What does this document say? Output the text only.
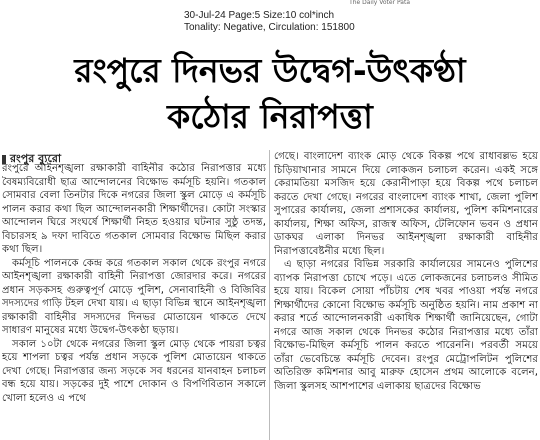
The Daily Voter Pata
30-Jul-24 Page:5 Size:10 col*inch
Tonality: Negative, Circulation: 151800
রংপুরে দিনভর উদ্বেগ-উৎকণ্ঠা
কঠোর নিরাপত্তা
রংপুর ব্যুরো

রংপুরে আইনশৃঙ্খলা রক্ষাকারী বাহিনীর কঠোর নিরাপত্তার মধ্যে বৈষম্যবিরোধী ছাত্র আন্দোলনের বিক্ষোভ কর্মসূচি হয়নি। গতকাল সোমবার বেলা তিনটার দিকে নগরের জিলা স্কুল মোড়ে এ কর্মসূচি পালন করার কথা ছিল আন্দোলনকারী শিক্ষার্থীদের। কোটা সংস্কার আন্দোলন ঘিরে সংঘর্ষে শিক্ষার্থী নিহত হওয়ার ঘটনার সুষ্ঠু তদন্ত, বিচারসহ ৯ দফা দাবিতে গতকাল সোমবার বিক্ষোভ মিছিল করার কথা ছিল।

কর্মসূচি পালনকে কেন্দ্র করে গতকাল সকাল থেকে রংপুর নগরে আইনশৃঙ্খলা রক্ষাকারী বাহিনী নিরাপত্তা জোরদার করে। নগরের প্রধান সড়কসহ গুরুত্বপূর্ণ মোড়ে পুলিশ, সেনাবাহিনী ও বিজিবির সদস্যদের গাড়ি টহল দেখা যায়। এ ছাড়া বিভিন্ন স্থানে আইনশৃঙ্খলা রক্ষাকারী বাহিনীর সদস্যদের দিনভর মোতায়েন থাকতে দেখে সাধারণ মানুষের মধ্যে উদ্বেগ-উৎকণ্ঠা ছড়ায়।

সকাল ১০টা থেকে নগরের জিলা স্কুল মোড় থেকে পায়রা চত্বর হয়ে শাপলা চত্বর পর্যন্ত প্রধান সড়কে পুলিশ মোতায়েন থাকতে দেখা গেছে। নিরাপত্তার জন্য সড়কে সব ধরনের যানবাহন চলাচল বন্ধ হয়ে যায়। সড়কের দুই পাশে দোকান ও বিপণিবিতান সকালে খোলা হলেও এ পথে

গেছে। বাংলাদেশ ব্যাংক মোড় থেকে বিকল্প পথে রাধাবল্লভ হয়ে চিড়িয়াখানার সামনে দিয়ে লোকজন চলাচল করেন। একই সঙ্গে কেরামতিয়া মসজিদ হয়ে কেরানীপাড়া হয়ে বিকল্প পথে চলাচল করতে দেখা গেছে। নগরের বাংলাদেশ ব্যাংক শাখা, জেলা পুলিশ সুপারের কার্যালয়, জেলা প্রশাসকের কার্যালয়, পুলিশ কমিশনারের কার্যালয়, শিক্ষা অফিস, রাজস্ব অফিস, টেলিফোন ভবন ও প্রধান ডাকঘর এলাকা দিনভর আইনশৃঙ্খলা রক্ষাকারী বাহিনীর নিরাপত্তাবেষ্টনীর মধ্যে ছিল।

এ ছাড়া নগরের বিভিন্ন সরকারি কার্যালয়ের সামনেও পুলিশের ব্যাপক নিরাপত্তা চোখে পড়ে। এতে লোকজনের চলাচলও সীমিত হয়ে যায়। বিকেল সোয়া পাঁচটায় শেষ খবর পাওয়া পর্যন্ত নগরে শিক্ষার্থীদের কোনো বিক্ষোভ কর্মসূচি অনুষ্ঠিত হয়নি। নাম প্রকাশ না করার শর্তে আন্দোলনকারী একাধিক শিক্ষার্থী জানিয়েছেন, গোটা নগরে আজ সকাল থেকে দিনভর কঠোর নিরাপত্তার মধ্যে তাঁরা বিক্ষোভ-মিছিল কর্মসূচি পালন করতে পারেননি। পরবর্তী সময়ে তাঁরা ভেবেচিন্তে কর্মসূচি দেবেন। রংপুর মেট্রোপলিটন পুলিশের অতিরিক্ত কমিশনার আবু মারুফ হোসেন প্রথম আলোকে বলেন, জিলা স্কুলসহ আশপাশের এলাকায় ছাত্রদের বিক্ষোভ
